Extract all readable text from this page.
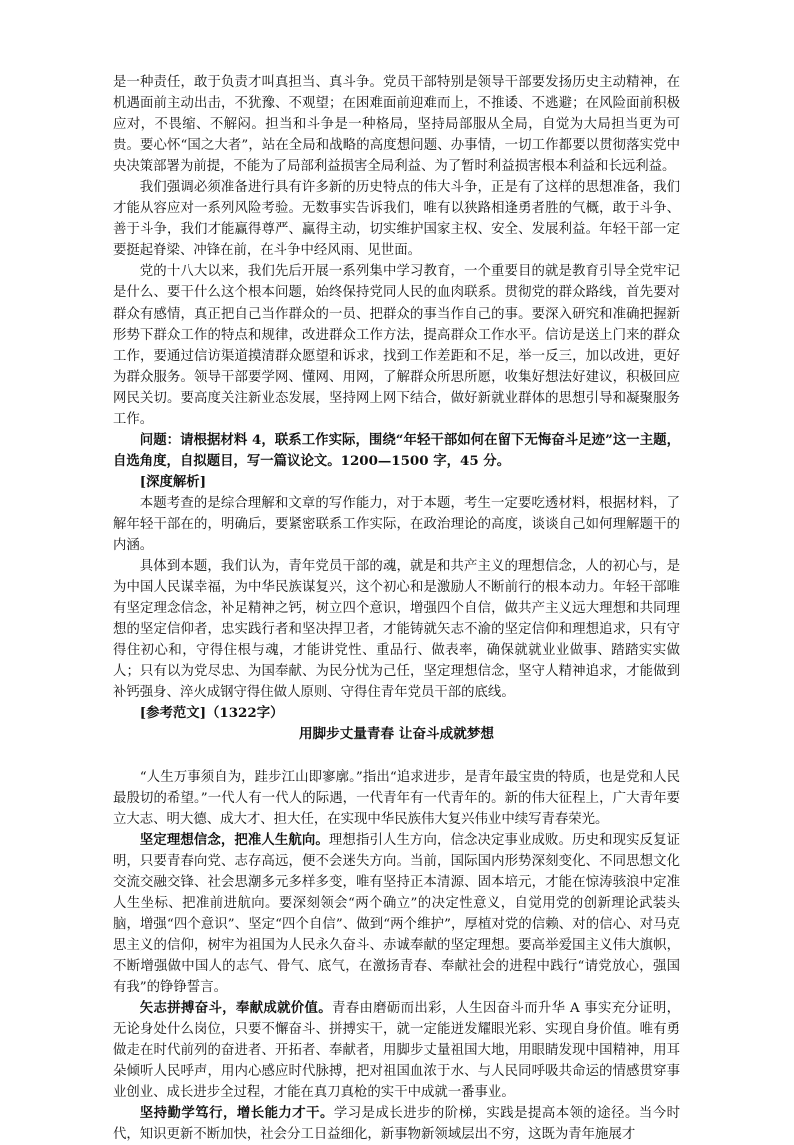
是一种责任，敢于负责才叫真担当、真斗争。党员干部特别是领导干部要发扬历史主动精神，在机遇面前主动出击，不犹豫、不观望；在困难面前迎难而上，不推诿、不逃避；在风险面前积极应对，不畏缩、不解闷。担当和斗争是一种格局，坚持局部服从全局，自觉为大局担当更为可贵。要心怀“国之大者”，站在全局和战略的高度想问题、办事情，一切工作都要以贯彻落实党中央决策部署为前提，不能为了局部利益损害全局利益、为了暂时利益损害根本利益和长远利益。

我们强调必须准备进行具有许多新的历史特点的伟大斗争，正是有了这样的思想准备，我们才能从容应对一系列风险考验。无数事实告诉我们，唯有以狭路相逢勇者胜的气概，敢于斗争、善于斗争，我们才能赢得尊严、赢得主动，切实维护国家主权、安全、发展利益。年轻干部一定要挺起脊梁、冲锋在前，在斗争中经风雨、见世面。

党的十八大以来，我们先后开展一系列集中学习教育，一个重要目的就是教育引导全党牢记是什么、要干什么这个根本问题，始终保持党同人民的血肉联系。贯彻党的群众路线，首先要对群众有感情，真正把自己当作群众的一员、把群众的事当作自己的事。要深入研究和准确把握新形势下群众工作的特点和规律，改进群众工作方法，提高群众工作水平。信访是送上门来的群众工作，要通过信访渠道摸清群众愿望和诉求，找到工作差距和不足，举一反三，加以改进，更好为群众服务。领导干部要学网、懂网、用网，了解群众所思所愿，收集好想法好建议，积极回应网民关切。要高度关注新业态发展，坚持网上网下结合，做好新就业群体的思想引导和凝聚服务工作。

问题：请根据材料 4，联系工作实际，围绕“年轻干部如何在留下无悔奋斗足迹”这一主题，自选角度，自拟题目，写一篇议论文。1200—1500 字，45 分。

[深度解析]

本题考查的是综合理解和文章的写作能力，对于本题，考生一定要吃透材料，根据材料，了解年轻干部在的，明确后，要紧密联系工作实际，在政治理论的高度，谈谈自己如何理解题干的内涵。

具体到本题，我们认为，青年党员干部的魂，就是和共产主义的理想信念，人的初心与，是为中国人民谋幸福，为中华民族谋复兴，这个初心和是激励人不断前行的根本动力。年轻干部唯有坚定理念信念，补足精神之钙，树立四个意识，增强四个自信，做共产主义远大理想和共同理想的坚定信仰者，忠实践行者和坚决捍卫者，才能铸就矢志不渝的坚定信仰和理想追求，只有守得住初心和，守得住根与魂，才能讲党性、重品行、做表率，确保就就业业做事、踏踏实实做人；只有以为党尽忠、为国奉献、为民分忧为己任，坚定理想信念，坚守人精神追求，才能做到补钙强身、淬火成钢守得住做人原则、守得住青年党员干部的底线。

[参考范文]（1322字）

用脚步丈量青春 让奋斗成就梦想

“人生万事须自为，跬步江山即寥廓。”指出“追求进步，是青年最宝贵的特质，也是党和人民最殷切的希望。”一代人有一代人的际遇，一代青年有一代青年的。新的伟大征程上，广大青年要立大志、明大德、成大才、担大任，在实现中华民族伟大复兴伟业中续写青春荣光。

坚定理想信念，把准人生航向。理想指引人生方向，信念决定事业成败。历史和现实反复证明，只要青春向党、志存高远，便不会迷失方向。当前，国际国内形势深刻变化、不同思想文化交流交融交锋、社会思潮多元多样多变，唯有坚持正本清源、固本培元，才能在惊涛骇浪中定准人生坐标、把准前进航向。要深刻领会“两个确立”的决定性意义，自觉用党的创新理论武装头脑，增强“四个意识”、坚定“四个自信”、做到“两个维护”，厚植对党的信赖、对的信心、对马克思主义的信仰，树牢为祖国为人民永久奋斗、赤诚奉献的坚定理想。要高举爱国主义伟大旗帜，不断增强做中国人的志气、骨气、底气，在激扬青春、奉献社会的进程中践行“请党放心，强国有我”的铮铮誓言。

矢志拼搏奋斗，奉献成就价值。青春由磨砺而出彩，人生因奋斗而升华 A 事实充分证明，无论身处什么岗位，只要不懈奋斗、拼搏实干，就一定能迸发耀眼光彩、实现自身价值。唯有勇做走在时代前列的奋进者、开拓者、奉献者，用脚步丈量祖国大地，用眼睛发现中国精神，用耳朵倾听人民呼声，用内心感应时代脉搏，把对祖国血浓于水、与人民同呼吸共命运的情感贯穿事业创业、成长进步全过程，才能在真刀真枪的实干中成就一番事业。

坚持勤学笃行，增长能力才干。学习是成长进步的阶梯，实践是提高本领的途径。当今时代，知识更新不断加快，社会分工日益细化，新事物新领域层出不穷，这既为青年施展才
